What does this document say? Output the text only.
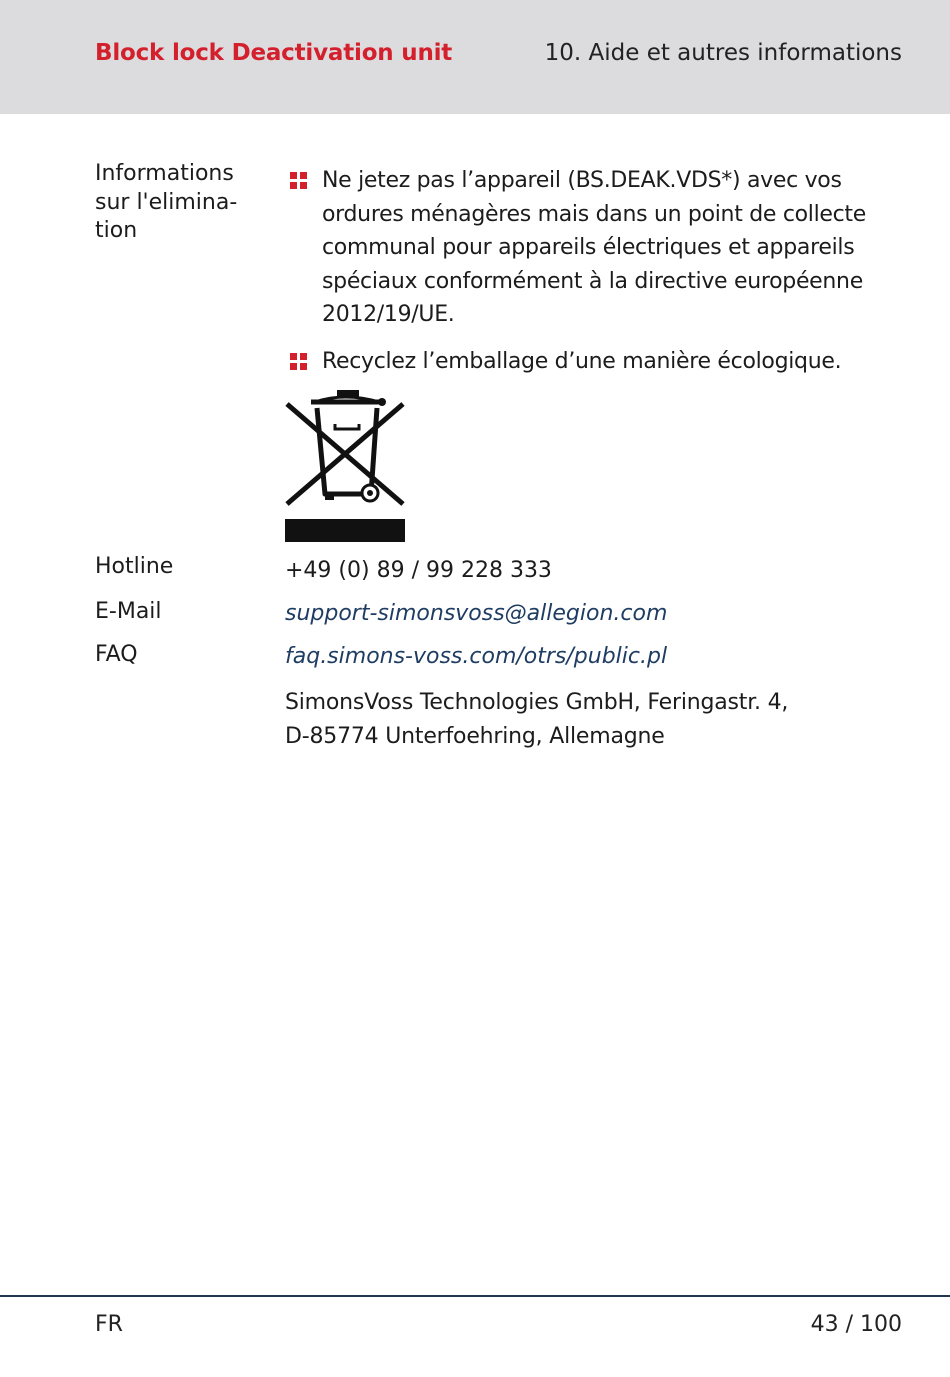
Block lock Deactivation unit	10. Aide et autres informations
Informations
sur l'elimina-
tion
Ne jetez pas l’appareil (BS.DEAK.VDS*) avec vos ordures ménagères mais dans un point de collecte communal pour appareils électriques et appareils spéciaux conformément à la directive européenne 2012/19/UE.
Recyclez l’emballage d’une manière écologique.
Hotline	+49 (0) 89 / 99 228 333
E-Mail	support-simonsvoss@allegion.com
FAQ	faq.simons-voss.com/otrs/public.pl
SimonsVoss Technologies GmbH, Feringastr. 4,
D-85774 Unterfoehring, Allemagne
FR	43 / 100
